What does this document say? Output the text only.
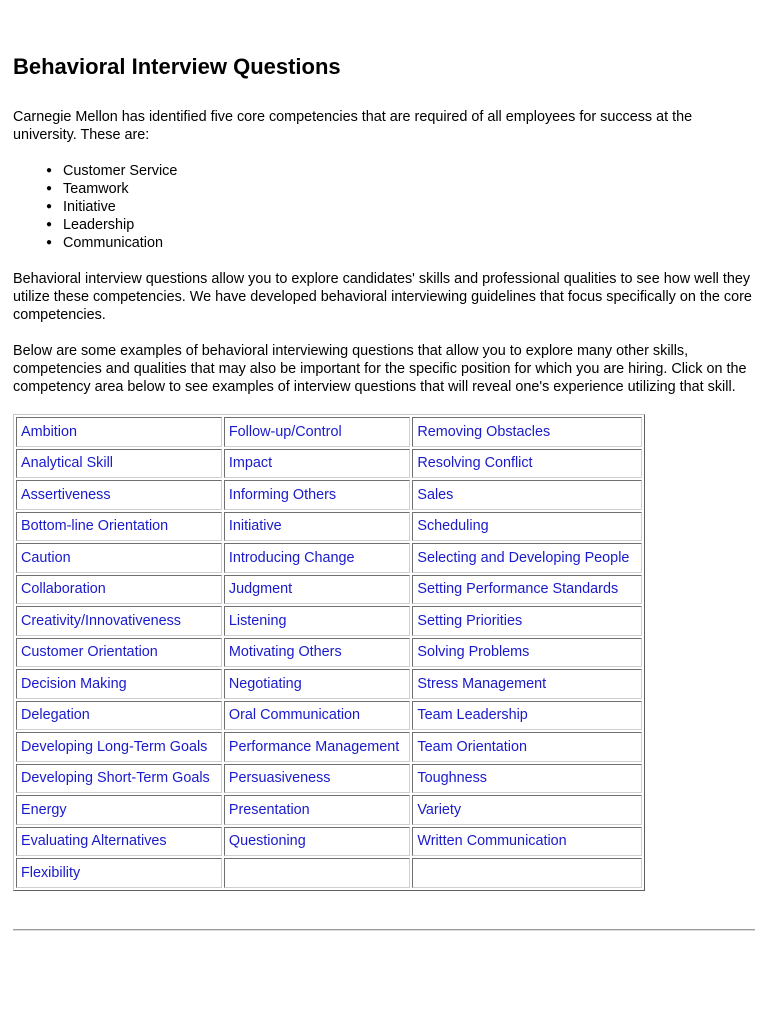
Behavioral Interview Questions

Carnegie Mellon has identified five core competencies that are required of all employees for success at the university. These are:

● Customer Service
● Teamwork
● Initiative
● Leadership
● Communication

Behavioral interview questions allow you to explore candidates' skills and professional qualities to see how well they utilize these competencies. We have developed behavioral interviewing guidelines that focus specifically on the core competencies.

Below are some examples of behavioral interviewing questions that allow you to explore many other skills, competencies and qualities that may also be important for the specific position for which you are hiring. Click on the competency area below to see examples of interview questions that will reveal one's experience utilizing that skill.

Ambition	Follow-up/Control	Removing Obstacles
Analytical Skill	Impact	Resolving Conflict
Assertiveness	Informing Others	Sales
Bottom-line Orientation	Initiative	Scheduling
Caution	Introducing Change	Selecting and Developing People
Collaboration	Judgment	Setting Performance Standards
Creativity/Innovativeness	Listening	Setting Priorities
Customer Orientation	Motivating Others	Solving Problems
Decision Making	Negotiating	Stress Management
Delegation	Oral Communication	Team Leadership
Developing Long-Term Goals	Performance Management	Team Orientation
Developing Short-Term Goals	Persuasiveness	Toughness
Energy	Presentation	Variety
Evaluating Alternatives	Questioning	Written Communication
Flexibility		
